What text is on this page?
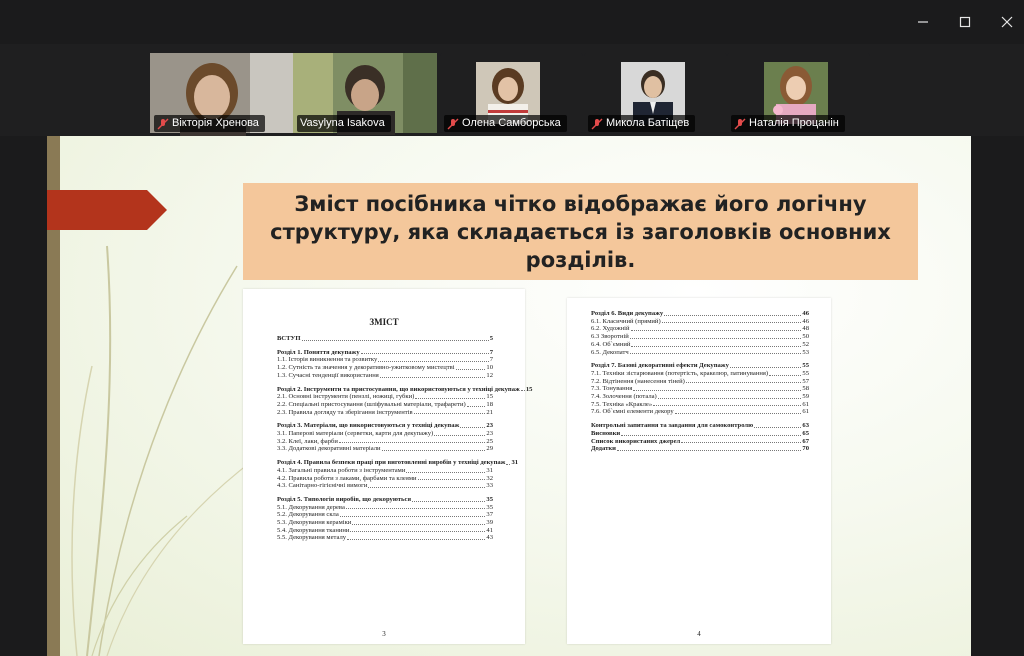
Вікторія Хренова	Vasylyna Isakova	Олена Самборська	Микола Батіщев	Наталія Процанін
Зміст посібника чітко відображає його логічну структуру, яка складається із заголовків основних розділів.
ЗМІСТ
ВСТУП	5
Розділ 1. Поняття декупажу	7
1.1. Історія виникнення та розвитку	7
1.2. Сутність та значення у декоративно-ужитковому мистецтві	10
1.3. Сучасні тенденції використання	12
Розділ 2. Інструменти та пристосування, що використовуються у техніці декупаж 15
2.1. Основні інструменти (пензлі, ножиці, губки)	15
2.2. Спеціальні пристосування (шліфувальні матеріали, трафарети)	18
2.3. Правила догляду та зберігання інструментів	21
Розділ 3. Матеріали, що використовуються у техніці декупаж	23
3.1. Паперові матеріали (серветки, карти для декупажу)	23
3.2. Клеї, лаки, фарби	25
3.3. Додаткові декоративні матеріали	29
Розділ 4. Правила безпеки праці при виготовленні виробів у техніці декупаж 31
4.1. Загальні правила роботи з інструментами	31
4.2. Правила роботи з лаками, фарбами та клеями	32
4.3. Санітарно-гігієнічні вимоги	33
Розділ 5. Типологія виробів, що декоруються	35
5.1. Декорування дерева	35
5.2. Декорування скла	37
5.3. Декорування кераміки	39
5.4. Декорування тканини	41
5.5. Декорування металу	43
3
Розділ 6. Види декупажу	46
6.1. Класичний (прямий)	46
6.2. Художній	48
6.3 Зворотній	50
6.4. Об`ємний	52
6.5. Декопатч	53
Розділ 7. Базові декоративні ефекти Декупажу	55
7.1. Техніки зістарювання (потертість, кракелюр, патинування)	55
7.2. Відтінення (нанесення тіней)	57
7.3. Тонування	58
7.4. Золочення (потала)	59
7.5. Техніка «Кракле»	61
7.6. Об`ємні елементи декору	61
Контрольні запитання та завдання для самоконтролю	63
Висновки	65
Список використаних джерел	67
Додатки	70
4
